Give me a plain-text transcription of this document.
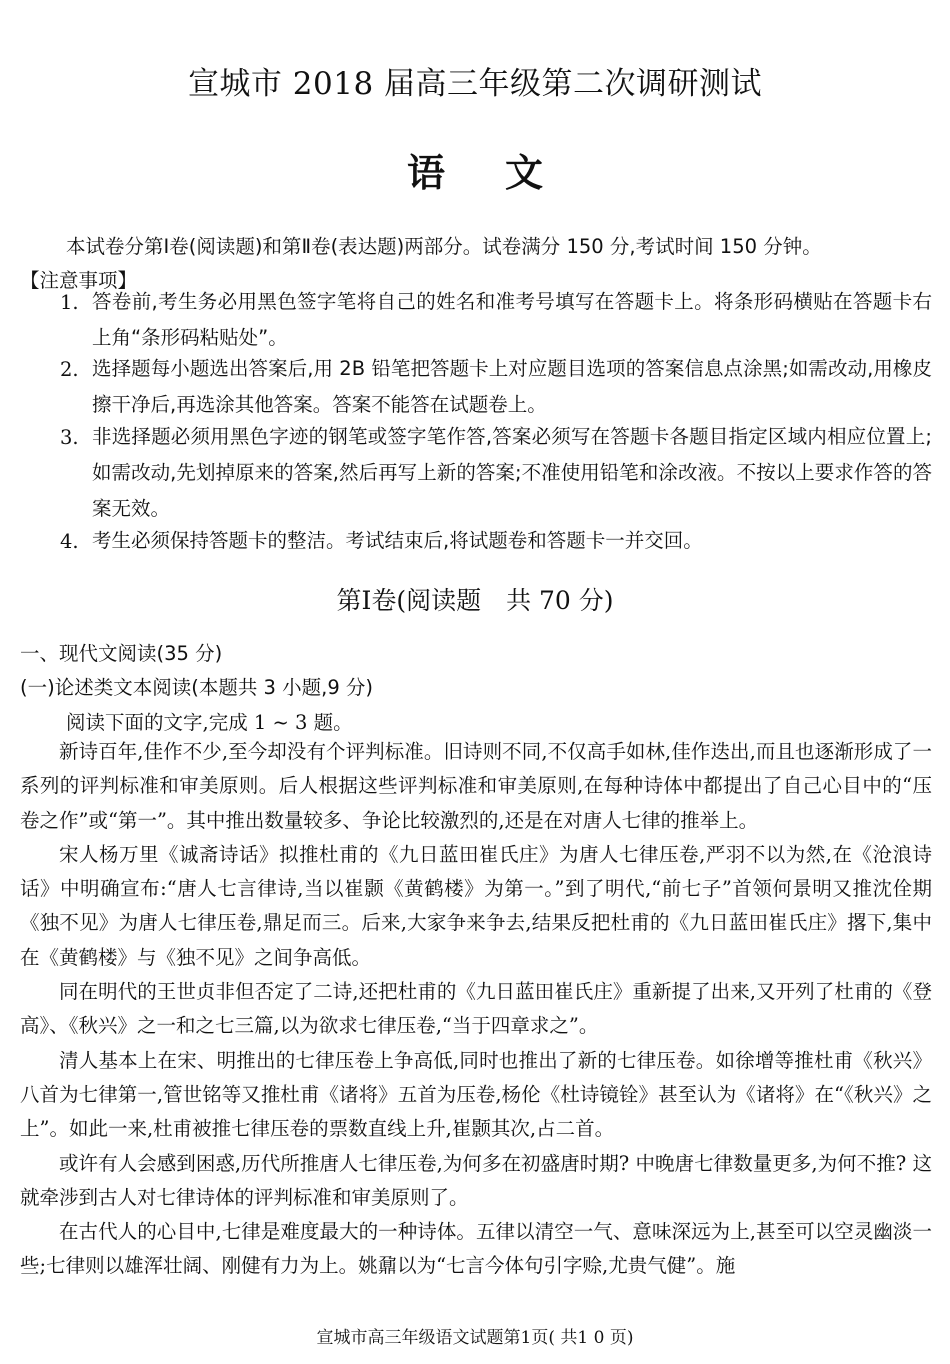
宣城市 2018 届高三年级第二次调研测试
语文
本试卷分第Ⅰ卷(阅读题)和第Ⅱ卷(表达题)两部分。试卷满分 150 分,考试时间 150 分钟。
【注意事项】
1. 答卷前,考生务必用黑色签字笔将自己的姓名和准考号填写在答题卡上。将条形码横贴在答题卡右上角“条形码粘贴处”。
2. 选择题每小题选出答案后,用 2B 铅笔把答题卡上对应题目选项的答案信息点涂黑;如需改动,用橡皮擦干净后,再选涂其他答案。答案不能答在试题卷上。
3. 非选择题必须用黑色字迹的钢笔或签字笔作答,答案必须写在答题卡各题目指定区域内相应位置上;如需改动,先划掉原来的答案,然后再写上新的答案;不准使用铅笔和涂改液。不按以上要求作答的答案无效。
4. 考生必须保持答题卡的整洁。考试结束后,将试题卷和答题卡一并交回。
第Ⅰ卷(阅读题　共 70 分)
一、现代文阅读(35 分)
(一)论述类文本阅读(本题共 3 小题,9 分)
阅读下面的文字,完成 1 ~ 3 题。

新诗百年,佳作不少,至今却没有个评判标准。旧诗则不同,不仅高手如林,佳作迭出,而且也逐渐形成了一系列的评判标准和审美原则。后人根据这些评判标准和审美原则,在每种诗体中都提出了自己心目中的“压卷之作”或“第一”。其中推出数量较多、争论比较激烈的,还是在对唐人七律的推举上。

宋人杨万里《诚斋诗话》拟推杜甫的《九日蓝田崔氏庄》为唐人七律压卷,严羽不以为然,在《沧浪诗话》中明确宣布:“唐人七言律诗,当以崔颢《黄鹤楼》为第一。”到了明代,“前七子”首领何景明又推沈佺期《独不见》为唐人七律压卷,鼎足而三。后来,大家争来争去,结果反把杜甫的《九日蓝田崔氏庄》撂下,集中在《黄鹤楼》与《独不见》之间争高低。

同在明代的王世贞非但否定了二诗,还把杜甫的《九日蓝田崔氏庄》重新提了出来,又开列了杜甫的《登高》、《秋兴》之一和之七三篇,以为欲求七律压卷,“当于四章求之”。

清人基本上在宋、明推出的七律压卷上争高低,同时也推出了新的七律压卷。如徐增等推杜甫《秋兴》八首为七律第一,管世铭等又推杜甫《诸将》五首为压卷,杨伦《杜诗镜铨》甚至认为《诸将》在“《秋兴》之上”。如此一来,杜甫被推七律压卷的票数直线上升,崔颢其次,占二首。

或许有人会感到困惑,历代所推唐人七律压卷,为何多在初盛唐时期? 中晚唐七律数量更多,为何不推? 这就牵涉到古人对七律诗体的评判标准和审美原则了。

在古代人的心目中,七律是难度最大的一种诗体。五律以清空一气、意味深远为上,甚至可以空灵幽淡一些;七律则以雄浑壮阔、刚健有力为上。姚鼐以为“七言今体句引字赊,尤贵气健”。施

宣城市高三年级语文试题第1页( 共1 0 页)
